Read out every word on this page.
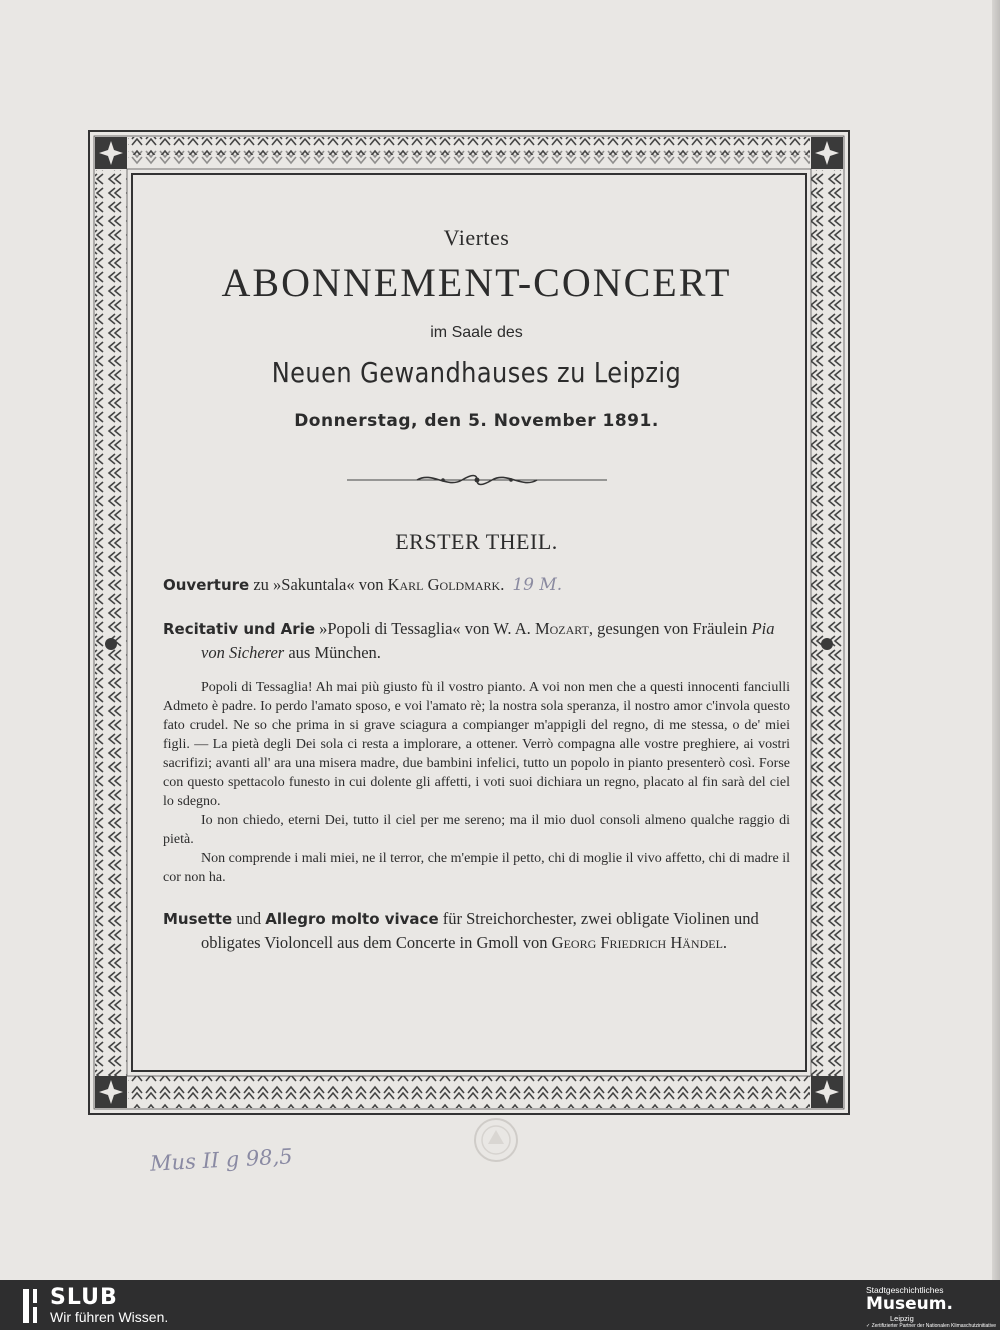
Viertes
ABONNEMENT-CONCERT
im Saale des
Neuen Gewandhauses zu Leipzig
Donnerstag, den 5. November 1891.
ERSTER THEIL.
Ouverture zu »Sakuntala« von Karl Goldmark. 19 M.
Recitativ und Arie »Popoli di Tessaglia« von W. A. Mozart, gesungen von Fräulein Pia von Sicherer aus München.

Popoli di Tessaglia! Ah mai più giusto fù il vostro pianto. A voi non men che a questi innocenti fanciulli Admeto è padre. Io perdo l'amato sposo, e voi l'amato rè; la nostra sola speranza, il nostro amor c'invola questo fato crudel. Ne so che prima in si grave sciagura a compianger m'appigli del regno, di me stessa, o de' miei figli. — La pietà degli Dei sola ci resta a implorare, a ottener. Verrò compagna alle vostre preghiere, ai vostri sacrifizi; avanti all' ara una misera madre, due bambini infelici, tutto un popolo in pianto presenterò così. Forse con questo spettacolo funesto in cui dolente gli affetti, i voti suoi dichiara un regno, placato al fin sarà del ciel lo sdegno.

Io non chiedo, eterni Dei, tutto il ciel per me sereno; ma il mio duol consoli almeno qualche raggio di pietà.

Non comprende i mali miei, ne il terror, che m'empie il petto, chi di moglie il vivo affetto, chi di madre il cor non ha.

Musette und Allegro molto vivace für Streichorchester, zwei obligate Violinen und obligates Violoncell aus dem Concerte in Gmoll von Georg Friedrich Händel.
Mus II g 98,5
SLUB
Wir führen Wissen.
Stadtgeschichtliches
Museum.
Leipzig
✓ Zertifizierter Partner der Nationalen Klimaschutzinitiative
